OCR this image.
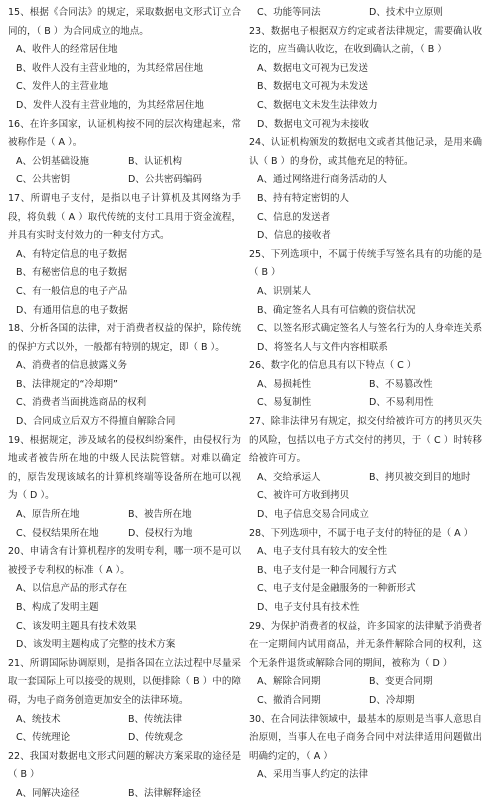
15、根据《合同法》的规定，采取数据电文形式订立合同的，（ B ）为合同成立的地点。

A、收件人的经常居住地

B、收件人没有主营业地的，为其经常居住地

C、发件人的主营业地

D、发件人没有主营业地的，为其经常居住地

16、在许多国家，认证机构按不同的层次构建起来，常被称作是（ A ）。

A、公钥基础设施	B、认证机构
C、公共密钥	D、公共密码编码

17、所谓电子支付，是指以电子计算机及其网络为手段，将负载（ A ）取代传统的支付工具用于资金流程，并具有实时支付效力的一种支付方式。

A、有特定信息的电子数据

B、有秘密信息的电子数据

C、有一般信息的电子产品

D、有通用信息的电子数据

18、分析各国的法律，对于消费者权益的保护，除传统的保护方式以外，一般都有特别的规定，即（ B ）。

A、消费者的信息披露义务

B、法律规定的“冷却期”

C、消费者当面挑选商品的权利

D、合同成立后双方不得擅自解除合同

19、根据规定，涉及域名的侵权纠纷案件，由侵权行为地或者被告所在地的中级人民法院管辖。对难以确定的，原告发现该域名的计算机终端等设备所在地可以视为（ D ）。

A、原告所在地	B、被告所在地
C、侵权结果所在地	D、侵权行为地

20、申请含有计算机程序的发明专利，哪一项不是可以被授予专利权的标准（ A ）。

A、以信息产品的形式存在

B、构成了发明主题

C、该发明主题具有技术效果

D、该发明主题构成了完整的技术方案

21、所谓国际协调原则，是指各国在立法过程中尽量采取一套国际上可以接受的规则，以便排除（ B ）中的障碍，为电子商务创造更加安全的法律环境。

A、统技术	B、传统法律
C、传统理论	D、传统观念

22、我国对数据电文形式问题的解决方案采取的途径是（ B ）

A、同解决途径	B、法律解释途径
C、功能等同法	D、技术中立原则

23、数据电子根据双方约定或者法律规定，需要确认收讫的，应当确认收讫，在收到确认之前，（ B ）

A、数据电文可视为已发送

B、数据电文可视为未发送

C、数据电文未发生法律效力

D、数据电文可视为未接收

24、认证机构颁发的数据电文或者其他记录，是用来确认（ B ）的身份，或其他充足的特征。

A、通过网络进行商务活动的人

B、持有特定密钥的人

C、信息的发送者

D、信息的接收者

25、下列选项中，不属于传统手写签名具有的功能的是（ B ）

A、识别某人

B、确定签名人具有可信赖的资信状况

C、以签名形式确定签名人与签名行为的人身牵连关系

D、将签名人与文件内容相联系

26、数字化的信息具有以下特点（ C ）

A、易损耗性	B、不易篡改性
C、易复制性	D、不易利用性

27、除非法律另有规定，拟交付给被许可方的拷贝灭失的风险，包括以电子方式交付的拷贝，于（ C ）时转移给被许可方。

A、交给承运人	B、拷贝被交到目的地时

C、被许可方收到拷贝

D、电子信息交易合同成立

28、下列选项中，不属于电子支付的特征的是（ A ）

A、电子支付具有较大的安全性

B、电子支付是一种合同履行方式

C、电子支付是金融服务的一种新形式

D、电子支付具有技术性

29、为保护消费者的权益，许多国家的法律赋予消费者在一定期间内试用商品，并无条件解除合同的权利，这个无条件退货或解除合同的期间，被称为（ D ）

A、解除合同期	B、变更合同期
C、撤消合同期	D、冷却期

30、在合同法律领域中，最基本的原则是当事人意思自治原则，当事人在电子商务合同中对法律适用问题做出明确约定的，（ A ）

A、采用当事人约定的法律
